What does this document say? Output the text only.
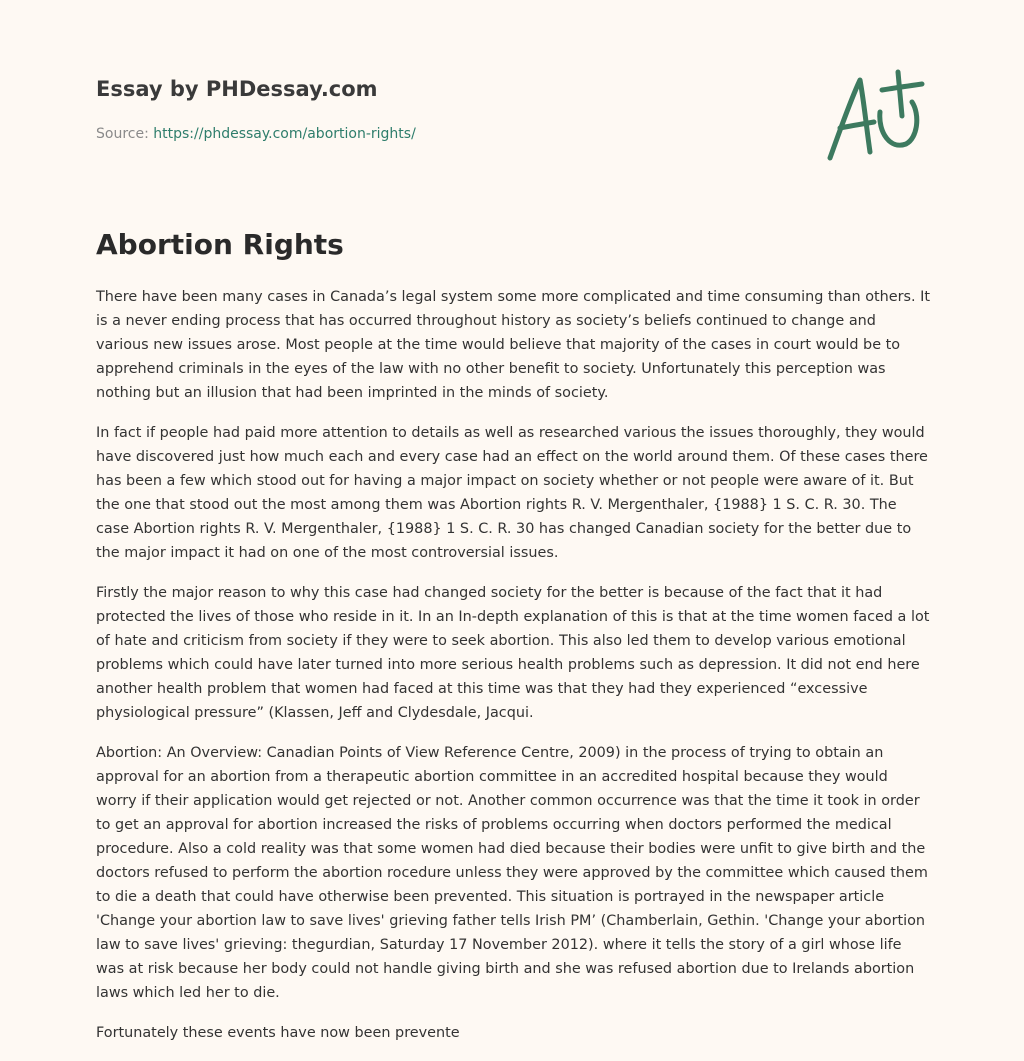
Essay by PHDessay.com
Source: https://phdessay.com/abortion-rights/
Abortion Rights

There have been many cases in Canada’s legal system some more complicated and time consuming than others. It is a never ending process that has occurred throughout history as society’s beliefs continued to change and various new issues arose. Most people at the time would believe that majority of the cases in court would be to apprehend criminals in the eyes of the law with no other benefit to society. Unfortunately this perception was nothing but an illusion that had been imprinted in the minds of society.

In fact if people had paid more attention to details as well as researched various the issues thoroughly, they would have discovered just how much each and every case had an effect on the world around them. Of these cases there has been a few which stood out for having a major impact on society whether or not people were aware of it. But the one that stood out the most among them was Abortion rights R. V. Mergenthaler, {1988} 1 S. C. R. 30. The case Abortion rights R. V. Mergenthaler, {1988} 1 S. C. R. 30 has changed Canadian society for the better due to the major impact it had on one of the most controversial issues.

Firstly the major reason to why this case had changed society for the better is because of the fact that it had protected the lives of those who reside in it. In an In-depth explanation of this is that at the time women faced a lot of hate and criticism from society if they were to seek abortion. This also led them to develop various emotional problems which could have later turned into more serious health problems such as depression. It did not end here another health problem that women had faced at this time was that they had they experienced “excessive physiological pressure” (Klassen, Jeff and Clydesdale, Jacqui.

Abortion: An Overview: Canadian Points of View Reference Centre, 2009) in the process of trying to obtain an approval for an abortion from a therapeutic abortion committee in an accredited hospital because they would worry if their application would get rejected or not. Another common occurrence was that the time it took in order to get an approval for abortion increased the risks of problems occurring when doctors performed the medical procedure. Also a cold reality was that some women had died because their bodies were unfit to give birth and the doctors refused to perform the abortion rocedure unless they were approved by the committee which caused them to die a death that could have otherwise been prevented. This situation is portrayed in the newspaper article 'Change your abortion law to save lives' grieving father tells Irish PM’ (Chamberlain, Gethin. 'Change your abortion law to save lives' grieving: thegurdian, Saturday 17 November 2012). where it tells the story of a girl whose life was at risk because her body could not handle giving birth and she was refused abortion due to Irelands abortion laws which led her to die.

Fortunately these events have now been prevente
